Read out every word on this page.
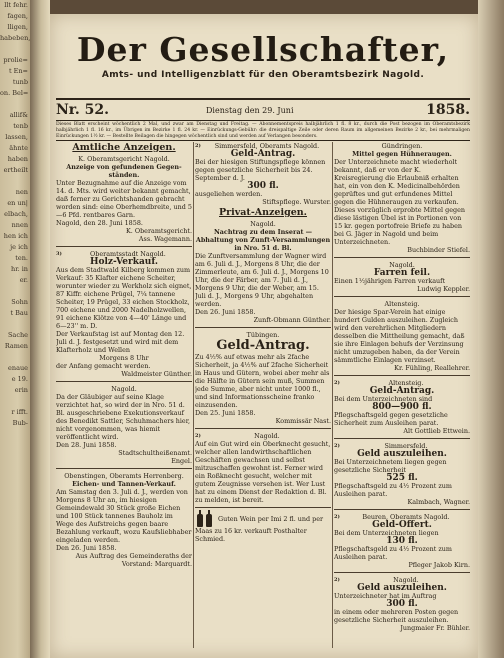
llt fehr.
fagen,
lligen,
habeben,

prolie=
t En=
tunb
on. Bel=

allif&
tenb
lassen,
ähnte
haben
ertheilt

nen
en un|
elbach,
nnen
hen ich
je ich
ten.
hr. in
er.

Sohn
t Bau

Sache
Ramen

enaue
e 19.
erin

r ifft.
Bub-
Der Gesellschafter,
Amts- und Intelligenzblatt für den Oberamtsbezirk Nagold.
Nr. 52.	Dienstag den 29. Juni	1858.
Dieses Blatt erscheint wöchentlich 2 Mal, und zwar am Dienstag und Freitag. — Abonnementspreis halbjährlich 1 fl. 8 kr., durch die Post bezogen im Oberamtsbezirk halbjährlich 1 fl. 16 kr., im Übrigen im Bezirke 1 fl. 24 kr. — Einrückungs-Gebühr: die dreispaltige Zeile oder deren Raum im allgemeinen Bezirke 2 kr., bei mehrmaligen Einrückungen 1½ kr. — Bestellte Beilagen die hingegen wöchentlich sind und werden auf Verlangen besonders.
Amtliche Anzeigen.

K. Oberamtsgericht Nagold.

Anzeige von gefundenen Gegen- ständen.

Unter Bezugnahme auf die Anzeige vom 14. d. Mts. wird weiter bekannt gemacht, daß ferner zu Gerichtshanden gebracht worden sind: eine Oberhemdbreite, und 5—6 Pfd. rentbares Garn.

Nagold, den 28. Juni 1858.

K. Oberamtsgericht.

Ass. Wagemann.

3)	Oberamtsstadt Nagold.

Holz-Verkauf.

Aus dem Stadtwald Kilberg kommen zum Verkauf: 35 Klafter eichene Scheiter, worunter wieder zu Werkholz sich eignet, 87 Kiffr. eichene Prügel, 7¼ tannene Scheiter, 19 Prügel, 33 eichen Stockholz, 700 eichene und 2000 Nadelholzwellen, 91 eichene Klötze von 4—40' Länge und 6—23'' m. D.

Der Verkaufstag ist auf Montag den 12. Juli d. J. festgesetzt und wird mit dem Klafterholz und Wellen

Morgens 8 Uhr

der Anfang gemacht werden.

Waldmeister Günther.

Nagold.

Da der Gläubiger auf seine Klage verzichtet hat, so wird der in Nro. 51 d. Bl. ausgeschriebene Exekutionsverkauf des Benedikt Sattler, Schuhmachers hier, nicht vorgenommen, was hiemit veröffentlicht wird.

Den 28. Juni 1858.

Stadtschultheißenamt.

Engel.

Obenstingen, Oberamts Herrenberg.

Eichen- und Tannen-Verkauf.

Am Samstag den 3. Juli d. J., werden von Morgens 8 Uhr an, im hiesigen Gemeindewald 30 Stück große Eichen und 100 Stück tannenes Bauholz im Wege des Aufstreichs gegen baare Bezahlung verkauft, wozu Kaufsliebhaber eingeladen werden.

Den 26. Juni 1858.

Aus Auftrag des Gemeinderaths der Vorstand: Marquardt.

2)	Simmersfeld, Oberamts Nagold.

Geld-Antrag.

Bei der hiesigen Stiftungspflege können gegen gesetzliche Sicherheit bis 24. September d. J.

300 fl.

ausgeliehen werden.

Stiftspflege. Wurster.

Privat-Anzeigen.

Nagold.

Nachtrag zu dem Inserat — Abhaltung von Zunft-Versammlungen in Nro. 51 d. Bl.

Die Zunftversammlung der Wagner wird am 6. Juli d. J., Morgens 8 Uhr, die der Zimmerleute, am 6. Juli d. J., Morgens 10 Uhr, die der Färber, am 7. Juli d. J., Morgens 9 Uhr, die der Weber, am 15. Juli d. J., Morgens 9 Uhr, abgehalten werden.

Den 26. Juni 1858.

Zunft-Obmann Günther.

Tübingen.

Geld-Antrag.

Zu 4½% auf etwas mehr als 2fache Sicherheit, ja 4½% auf 2fache Sicherheit in Haus und Gütern, wobei aber mehr als die Hälfte in Gütern sein muß, Summen jede Summe, aber nicht unter 1000 fl., und sind Informationsscheine franko einzusenden.

Den 25. Juni 1858.

Kommissär Nast.

2)	Nagold.

Auf ein Gut wird ein Oberknecht gesucht, welcher allen landwirthschaftlichen Geschäften gewachsen und selbst mitzuschaffen gewohnt ist. Ferner wird ein Roßknecht gesucht, welcher mit gutem Zeugnisse versehen ist. Wer Lust hat zu einem Dienst der Redaktion d. Bl. zu melden, ist bereit.

Guten Wein per Imi 2 fl. und per Maas zu 16 kr. verkauft Posthalter Schmied.

Gündringen.

Mittel gegen Hühneraugen.

Der Unterzeichnete macht wiederholt bekannt, daß er von der K. Kreisregierung die Erlaubniß erhalten hat, ein von den K. Medicinalbehörden geprüftes und gut erfundenes Mittel gegen die Hühneraugen zu verkaufen. Dieses vorzüglich erprobte Mittel gegen diese lästigen Übel ist in Portionen von 15 kr. gegen portofreie Briefe zu haben bei G. Jäger in Nagold und beim Unterzeichneten.

Buchbinder Stiefel.

Nagold.

Farren feil.

Einen 1½jährigen Farren verkauft

Ludwig Keppler.

Altensteig.

Der hiesige Spar-Verein hat einige hundert Gulden auszuleihen. Zugleich wird den verehrlichen Mitgliedern desselben die Mittheilung gemacht, daß sie ihre Einlagen behufs der Verzinsung nicht umzugeben haben, da der Verein sämmtliche Einlagen verzinset.

Kr. Fühling, Reallehrer.

2)	Altensteig.

Geld-Antrag.

Bei dem Unterzeichneten sind

800—900 fl.

Pflegschaftsgeld gegen gesetzliche Sicherheit zum Ausleihen parat.

Alt Gottlieb Ettwein.

2)	Simmersfeld.

Geld auszuleihen.

Bei Unterzeichnetem liegen gegen gesetzliche Sicherheit

525 fl.

Pflegschaftsgeld zu 4½ Prozent zum Ausleihen parat.

Kalmbach, Wagner.

2)	Beuren, Oberamts Nagold.

Geld-Offert.

Bei dem Unterzeichneten liegen

130 fl.

Pflegschaftsgeld zu 4½ Prozent zum Ausleihen parat.

Pfleger Jakob Kirn.

2)	Nagold.

Geld auszuleihen.

Unterzeichneter hat im Auftrag

300 fl.

in einem oder mehreren Posten gegen gesetzliche Sicherheit auszuleihen.

Jungmaier Fr. Bühler.
